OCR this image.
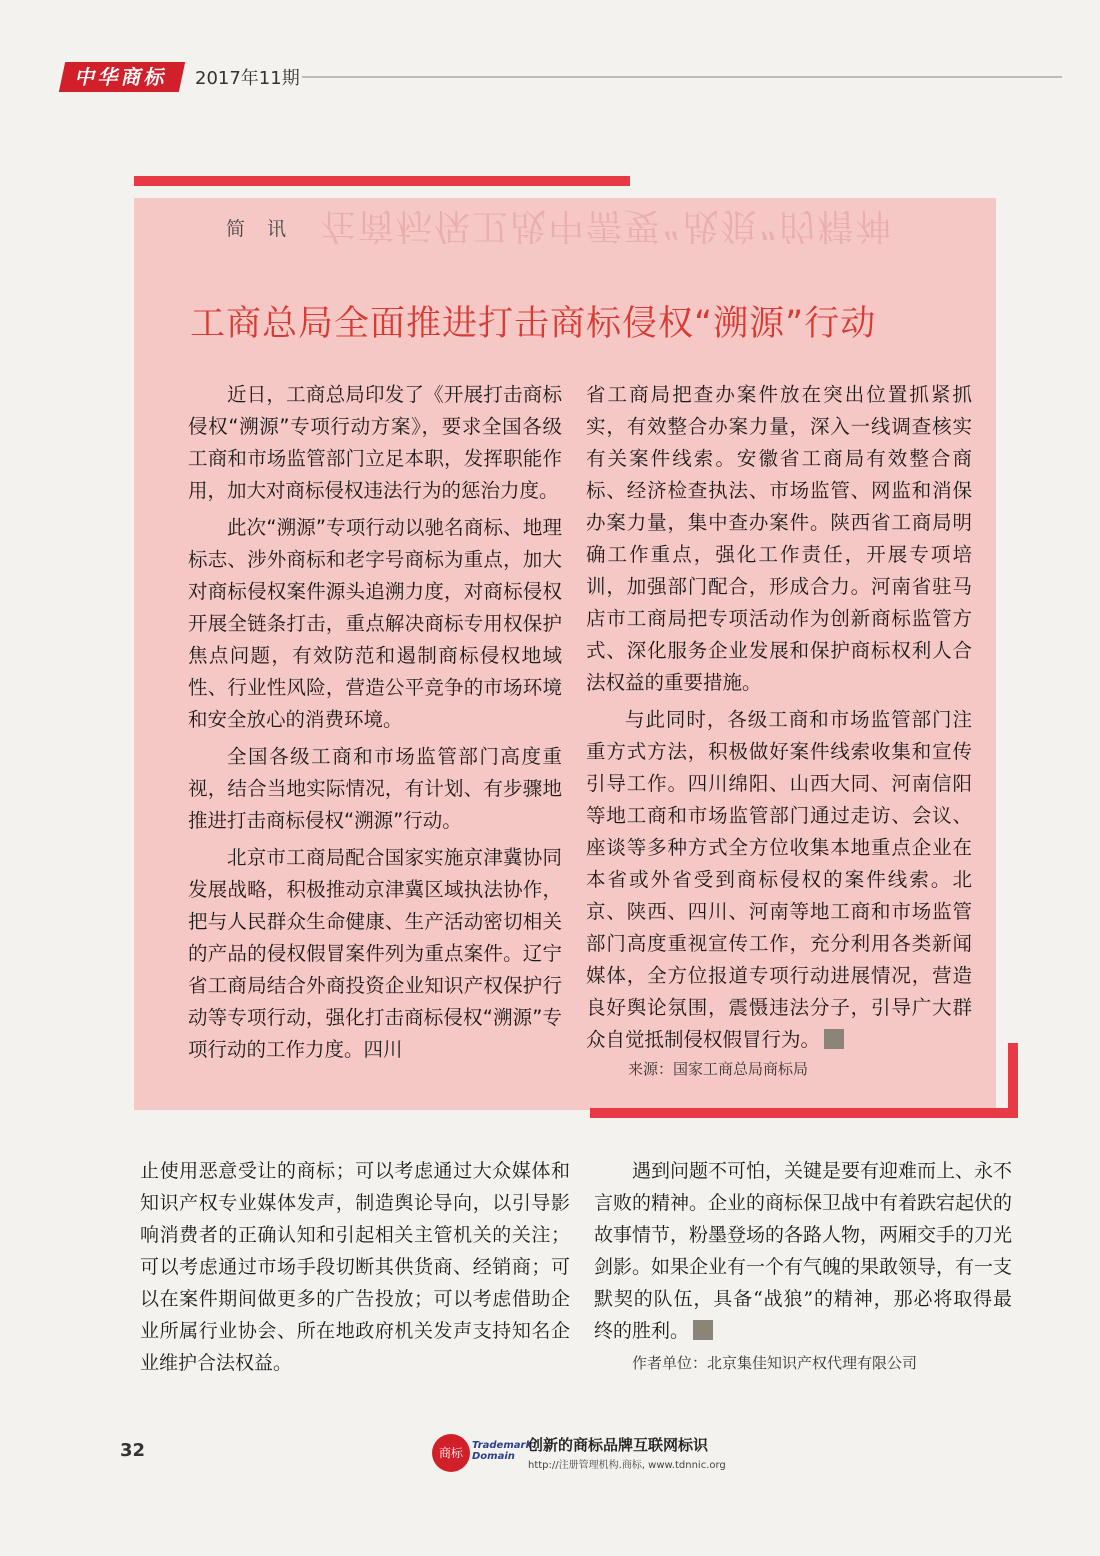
中华商标	2017年11期
在商标保卫战中需要“战狼”的精神
简 讯
工商总局全面推进打击商标侵权“溯源”行动

近日，工商总局印发了《开展打击商标侵权“溯源”专项行动方案》，要求全国各级工商和市场监管部门立足本职，发挥职能作用，加大对商标侵权违法行为的惩治力度。

此次“溯源”专项行动以驰名商标、地理标志、涉外商标和老字号商标为重点，加大对商标侵权案件源头追溯力度，对商标侵权开展全链条打击，重点解决商标专用权保护焦点问题，有效防范和遏制商标侵权地域性、行业性风险，营造公平竞争的市场环境和安全放心的消费环境。

全国各级工商和市场监管部门高度重视，结合当地实际情况，有计划、有步骤地推进打击商标侵权“溯源”行动。

北京市工商局配合国家实施京津冀协同发展战略，积极推动京津冀区域执法协作，把与人民群众生命健康、生产活动密切相关的产品的侵权假冒案件列为重点案件。辽宁省工商局结合外商投资企业知识产权保护行动等专项行动，强化打击商标侵权“溯源”专项行动的工作力度。四川

省工商局把查办案件放在突出位置抓紧抓实，有效整合办案力量，深入一线调查核实有关案件线索。安徽省工商局有效整合商标、经济检查执法、市场监管、网监和消保办案力量，集中查办案件。陕西省工商局明确工作重点，强化工作责任，开展专项培训，加强部门配合，形成合力。河南省驻马店市工商局把专项活动作为创新商标监管方式、深化服务企业发展和保护商标权利人合法权益的重要措施。

与此同时，各级工商和市场监管部门注重方式方法，积极做好案件线索收集和宣传引导工作。四川绵阳、山西大同、河南信阳等地工商和市场监管部门通过走访、会议、座谈等多种方式全方位收集本地重点企业在本省或外省受到商标侵权的案件线索。北京、陕西、四川、河南等地工商和市场监管部门高度重视宣传工作，充分利用各类新闻媒体，全方位报道专项行动进展情况，营造良好舆论氛围，震慑违法分子，引导广大群众自觉抵制侵权假冒行为。

来源：国家工商总局商标局

止使用恶意受让的商标；可以考虑通过大众媒体和知识产权专业媒体发声，制造舆论导向，以引导影响消费者的正确认知和引起相关主管机关的关注；可以考虑通过市场手段切断其供货商、经销商；可以在案件期间做更多的广告投放；可以考虑借助企业所属行业协会、所在地政府机关发声支持知名企业维护合法权益。

遇到问题不可怕，关键是要有迎难而上、永不言败的精神。企业的商标保卫战中有着跌宕起伏的故事情节，粉墨登场的各路人物，两厢交手的刀光剑影。如果企业有一个有气魄的果敢领导，有一支默契的队伍，具备“战狼”的精神，那必将取得最终的胜利。

作者单位：北京集佳知识产权代理有限公司
32	商标
Trademark
Domain
创新的商标品牌互联网标识
http://注册管理机构.商标, www.tdnnic.org
